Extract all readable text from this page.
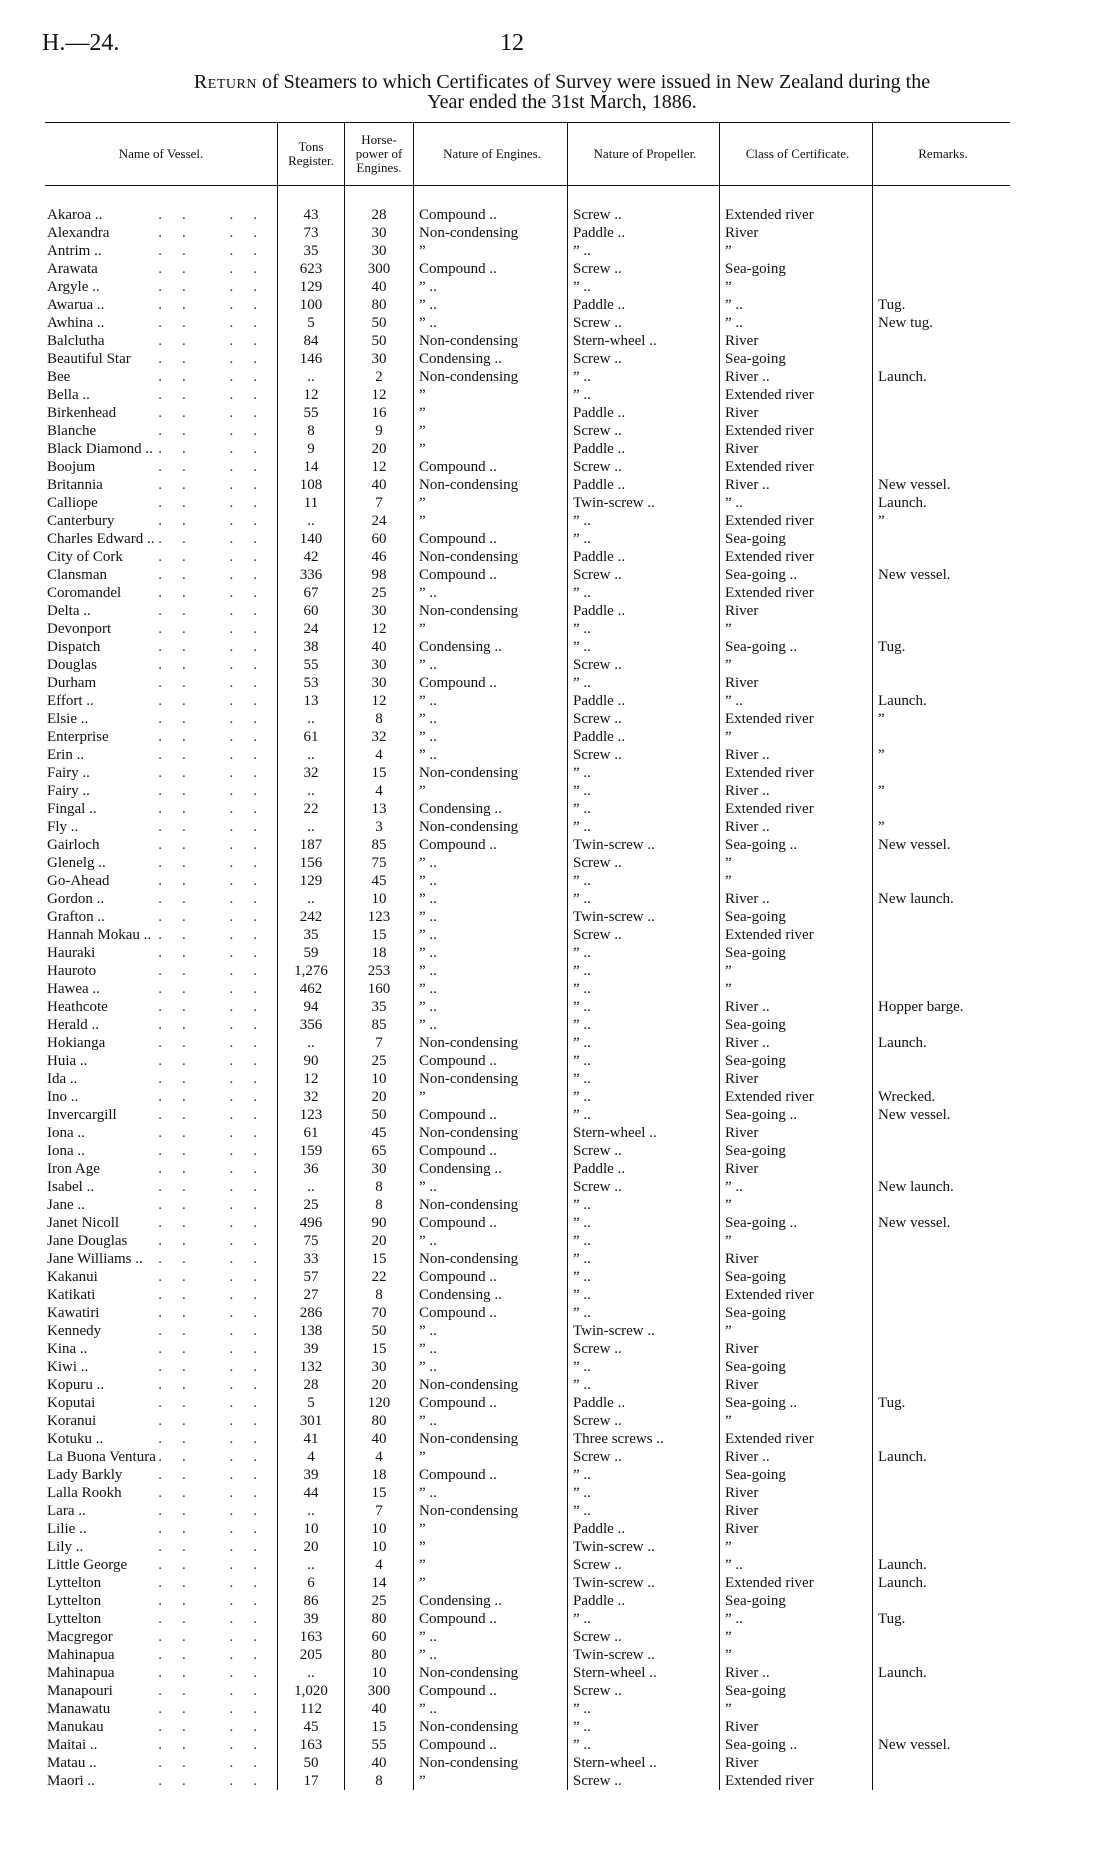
H.—24.	12
Return of Steamers to which Certificates of Survey were issued in New Zealand during the
Year ended the 31st March, 1886.
Name of Vessel.	Tons Register.	Horse-power of Engines.	Nature of Engines.	Nature of Propeller.	Class of Certificate.	Remarks.

Akaroa .. .. ..	43	28	Compound ..	Screw ..	Extended river	

Alexandra .. ..	73	30	Non-condensing	Paddle ..	River	

Antrim .. .. ..	35	30	”	” ..	”	

Arawata .. ..	623	300	Compound ..	Screw ..	Sea-going	

Argyle .. .. ..	129	40	” ..	” ..	”	

Awarua .. .. ..	100	80	” ..	Paddle ..	” ..	Tug.

Awhina .. .. ..	5	50	” ..	Screw ..	” ..	New tug.

Balclutha .. ..	84	50	Non-condensing	Stern-wheel ..	River	

Beautiful Star .. ..	146	30	Condensing ..	Screw ..	Sea-going	

Bee .. ..	..	2	Non-condensing	” ..	River ..	Launch.

Bella .. .. ..	12	12	”	” ..	Extended river	

Birkenhead .. ..	55	16	”	Paddle ..	River	

Blanche .. ..	8	9	”	Screw ..	Extended river	

Black Diamond .. .. ..	9	20	”	Paddle ..	River	

Boojum .. ..	14	12	Compound ..	Screw ..	Extended river	

Britannia .. ..	108	40	Non-condensing	Paddle ..	River ..	New vessel.

Calliope .. ..	11	7	”	Twin-screw ..	” ..	Launch.

Canterbury .. ..	..	24	”	” ..	Extended river	”

Charles Edward .. .. ..	140	60	Compound ..	” ..	Sea-going	

City of Cork .. ..	42	46	Non-condensing	Paddle ..	Extended river	

Clansman .. ..	336	98	Compound ..	Screw ..	Sea-going ..	New vessel.

Coromandel .. ..	67	25	” ..	” ..	Extended river	

Delta .. .. ..	60	30	Non-condensing	Paddle ..	River	

Devonport .. ..	24	12	”	” ..	”	

Dispatch .. ..	38	40	Condensing ..	” ..	Sea-going ..	Tug.

Douglas .. ..	55	30	” ..	Screw ..	”	

Durham .. ..	53	30	Compound ..	” ..	River	

Effort .. .. ..	13	12	” ..	Paddle ..	” ..	Launch.

Elsie .. .. ..	..	8	” ..	Screw ..	Extended river	”

Enterprise .. ..	61	32	” ..	Paddle ..	”	

Erin .. .. ..	..	4	” ..	Screw ..	River ..	”

Fairy .. .. ..	32	15	Non-condensing	” ..	Extended river	

Fairy .. .. ..	..	4	”	” ..	River ..	”

Fingal .. .. ..	22	13	Condensing ..	” ..	Extended river	

Fly .. .. ..	..	3	Non-condensing	” ..	River ..	”

Gairloch .. ..	187	85	Compound ..	Twin-screw ..	Sea-going ..	New vessel.

Glenelg .. .. ..	156	75	” ..	Screw ..	”	

Go-Ahead .. ..	129	45	” ..	” ..	”	

Gordon .. .. ..	..	10	” ..	” ..	River ..	New launch.

Grafton .. .. ..	242	123	” ..	Twin-screw ..	Sea-going	

Hannah Mokau .. .. ..	35	15	” ..	Screw ..	Extended river	

Hauraki .. ..	59	18	” ..	” ..	Sea-going	

Hauroto .. ..	1,276	253	” ..	” ..	”	

Hawea .. .. ..	462	160	” ..	” ..	”	

Heathcote .. ..	94	35	” ..	” ..	River ..	Hopper barge.

Herald .. .. ..	356	85	” ..	” ..	Sea-going	

Hokianga .. ..	..	7	Non-condensing	” ..	River ..	Launch.

Huia .. .. ..	90	25	Compound ..	” ..	Sea-going	

Ida .. .. ..	12	10	Non-condensing	” ..	River	

Ino .. .. ..	32	20	”	” ..	Extended river	Wrecked.

Invercargill .. ..	123	50	Compound ..	” ..	Sea-going ..	New vessel.

Iona .. .. ..	61	45	Non-condensing	Stern-wheel ..	River	

Iona .. .. ..	159	65	Compound ..	Screw ..	Sea-going	

Iron Age .. ..	36	30	Condensing ..	Paddle ..	River	

Isabel .. .. ..	..	8	” ..	Screw ..	” ..	New launch.

Jane .. .. ..	25	8	Non-condensing	” ..	”	

Janet Nicoll .. ..	496	90	Compound ..	” ..	Sea-going ..	New vessel.

Jane Douglas .. ..	75	20	” ..	” ..	”	

Jane Williams .. .. ..	33	15	Non-condensing	” ..	River	

Kakanui .. ..	57	22	Compound ..	” ..	Sea-going	

Katikati .. ..	27	8	Condensing ..	” ..	Extended river	

Kawatiri .. ..	286	70	Compound ..	” ..	Sea-going	

Kennedy .. ..	138	50	” ..	Twin-screw ..	”	

Kina .. .. ..	39	15	” ..	Screw ..	River	

Kiwi .. .. ..	132	30	” ..	” ..	Sea-going	

Kopuru .. .. ..	28	20	Non-condensing	” ..	River	

Koputai .. ..	5	120	Compound ..	Paddle ..	Sea-going ..	Tug.

Koranui .. ..	301	80	” ..	Screw ..	”	

Kotuku .. .. ..	41	40	Non-condensing	Three screws ..	Extended river	

La Buona Ventura .. ..	4	4	”	Screw ..	River ..	Launch.

Lady Barkly .. ..	39	18	Compound ..	” ..	Sea-going	

Lalla Rookh .. ..	44	15	” ..	” ..	River	

Lara .. .. ..	..	7	Non-condensing	” ..	River	

Lilie .. .. ..	10	10	”	Paddle ..	River	

Lily .. .. ..	20	10	”	Twin-screw ..	”	

Little George .. ..	..	4	”	Screw ..	” ..	Launch.

Lyttelton .. ..	6	14	”	Twin-screw ..	Extended river	Launch.

Lyttelton .. ..	86	25	Condensing ..	Paddle ..	Sea-going	

Lyttelton .. ..	39	80	Compound ..	” ..	” ..	Tug.

Macgregor .. ..	163	60	” ..	Screw ..	”	

Mahinapua .. ..	205	80	” ..	Twin-screw ..	”	

Mahinapua .. ..	..	10	Non-condensing	Stern-wheel ..	River ..	Launch.

Manapouri .. ..	1,020	300	Compound ..	Screw ..	Sea-going	

Manawatu .. ..	112	40	” ..	” ..	”	

Manukau .. ..	45	15	Non-condensing	” ..	River	

Maitai .. .. ..	163	55	Compound ..	” ..	Sea-going ..	New vessel.

Matau .. .. ..	50	40	Non-condensing	Stern-wheel ..	River	

Maori .. .. ..	17	8	”	Screw ..	Extended river	
